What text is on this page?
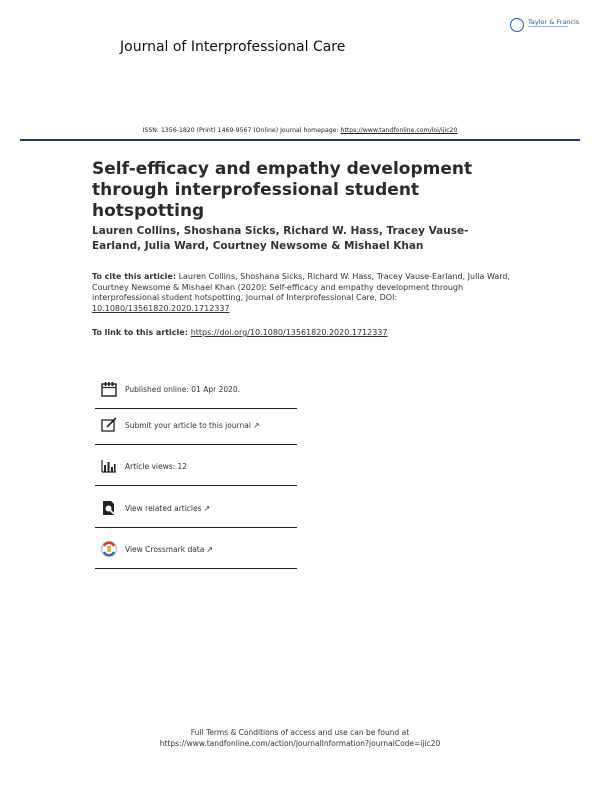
Journal of Interprofessional Care
Taylor & Francis
ISSN: 1356-1820 (Print) 1469-9567 (Online) Journal homepage: https://www.tandfonline.com/loi/ijic20
Self-efficacy and empathy development through interprofessional student hotspotting
Lauren Collins, Shoshana Sicks, Richard W. Hass, Tracey Vause-Earland, Julia Ward, Courtney Newsome & Mishael Khan
To cite this article: Lauren Collins, Shoshana Sicks, Richard W. Hass, Tracey Vause-Earland, Julia Ward, Courtney Newsome & Mishael Khan (2020): Self-efficacy and empathy development through interprofessional student hotspotting, Journal of Interprofessional Care, DOI: 10.1080/13561820.2020.1712337
To link to this article: https://doi.org/10.1080/13561820.2020.1712337
Published online: 01 Apr 2020.
Submit your article to this journal ↗
Article views: 12
View related articles ↗
View Crossmark data ↗
Full Terms & Conditions of access and use can be found at
https://www.tandfonline.com/action/journalInformation?journalCode=ijic20
